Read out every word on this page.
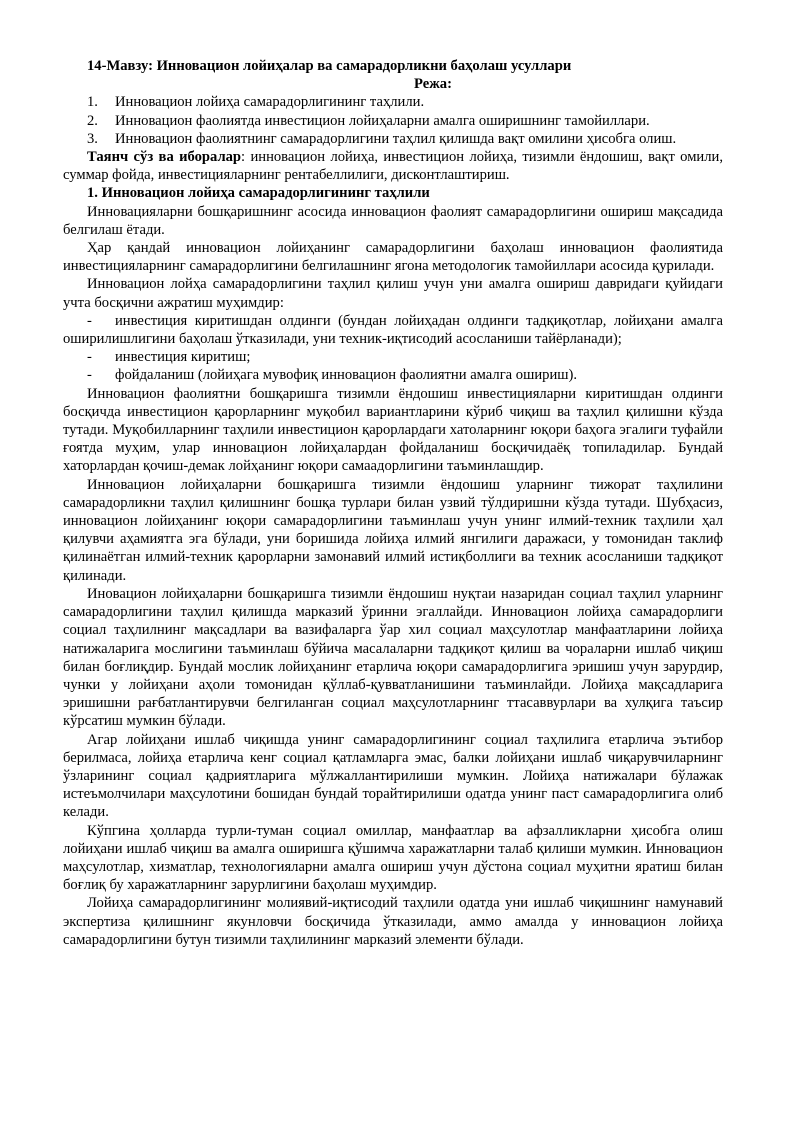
14-Мавзу: Инновацион лойиҳалар ва самарадорликни баҳолаш усуллари

Режа:

1. Инновацион лойиҳа самарадорлигининг таҳлили.
2. Инновацион фаолиятда инвестицион лойиҳаларни амалга оширишнинг тамойиллари.
3. Инновацион фаолиятнинг самарадорлигини таҳлил қилишда вақт омилини ҳисобга олиш.

Таянч сўз ва иборалар: инновацион лойиҳа, инвестицион лойиҳа, тизимли ёндошиш, вақт омили, суммар фойда, инвестицияларнинг рентабеллилиги, дисконтлаштириш.

1. Инновацион лойиҳа самарадорлигининг таҳлили

Инновацияларни бошқаришнинг асосида инновацион фаолият самарадорлигини ошириш мақсадида белгилаш ётади.

Ҳар қандай инновацион лойиҳанинг самарадорлигини баҳолаш инновацион фаолиятида инвестицияларнинг самарадорлигини белгилашнинг ягона методологик тамойиллари асосида қурилади.

Инновацион лойҳа самарадорлигини таҳлил қилиш учун уни амалга ошириш давридаги қуйидаги учта босқични ажратиш муҳимдир:

- инвестиция киритишдан олдинги (бундан лойиҳадан олдинги тадқиқотлар, лойиҳани амалга оширилишлигини баҳолаш ўтказилади, уни техник-иқтисодий асосланиши тайёрланади);
- инвестиция киритиш;
- фойдаланиш (лойиҳага мувофиқ инновацион фаолиятни амалга ошириш).

Инновацион фаолиятни бошқаришга тизимли ёндошиш инвестицияларни киритишдан олдинги босқичда инвестицион қарорларнинг муқобил вариантларини кўриб чиқиш ва таҳлил қилишни кўзда тутади. Муқобилларнинг таҳлили инвестицион қарорлардаги хатоларнинг юқори баҳога эгалиги туфайли ғоятда муҳим, улар инновацион лойиҳалардан фойдаланиш босқичидаёқ топиладилар. Бундай хаторлардан қочиш-демак лойҳанинг юқори самаадорлигини таъминлашдир.

Инновацион лойиҳаларни бошқаришга тизимли ёндошиш уларнинг тижорат таҳлилини самарадорликни таҳлил қилишнинг бошқа турлари билан узвий тўлдиришни кўзда тутади. Шубҳасиз, инновацион лойиҳанинг юқори самарадорлигини таъминлаш учун унинг илмий-техник таҳлили ҳал қилувчи аҳамиятга эга бўлади, уни боришида лойиҳа илмий янгилиги даражаси, у томонидан таклиф қилинаётган илмий-техник қарорларни замонавий илмий истиқболлиги ва техник асосланиши тадқиқот қилинади.

Иновацион лойиҳаларни бошқаришга тизимли ёндошиш нуқтаи назаридан социал таҳлил уларнинг самарадорлигини таҳлил қилишда марказий ўринни эгаллайди. Инновацион лойиҳа самарадорлиги социал таҳлилнинг мақсадлари ва вазифаларга ўар хил социал маҳсулотлар манфаатларини лойиҳа натижаларига мослигини таъминлаш бўйича масалаларни тадқиқот қилиш ва чораларни ишлаб чиқиш билан боғлиқдир. Бундай мослик лойиҳанинг етарлича юқори самарадорлигига эришиш учун зарурдир, чунки у лойиҳани аҳоли томонидан қўллаб-қувватланишини таъминлайди. Лойиҳа мақсадларига эришишни рағбатлантирувчи белгиланган социал маҳсулотларнинг ттасаввурлари ва хулқига таъсир кўрсатиш мумкин бўлади.

Агар лойиҳани ишлаб чиқишда унинг самарадорлигининг социал таҳлилига етарлича эътибор берилмаса, лойиҳа етарлича кенг социал қатламларга эмас, балки лойиҳани ишлаб чиқарувчиларнинг ўзларининг социал қадриятларига мўлжаллантирилиши мумкин. Лойиҳа натижалари бўлажак истеъмолчилари маҳсулотини бошидан бундай торайтирилиши одатда унинг паст самарадорлигига олиб келади.

Кўпгина ҳолларда турли-туман социал омиллар, манфаатлар ва афзалликларни ҳисобга олиш лойиҳани ишлаб чиқиш ва амалга оширишга қўшимча харажатларни талаб қилиши мумкин. Инновацион маҳсулотлар, хизматлар, технологияларни амалга ошириш учун дўстона социал муҳитни яратиш билан боғлиқ бу харажатларнинг зарурлигини баҳолаш муҳимдир.

Лойиҳа самарадорлигининг молиявий-иқтисодий таҳлили одатда уни ишлаб чиқишнинг намунавий экспертиза қилишнинг якунловчи босқичида ўтказилади, аммо амалда у инновацион лойиҳа самарадорлигини бутун тизимли таҳлилининг марказий элементи бўлади.
